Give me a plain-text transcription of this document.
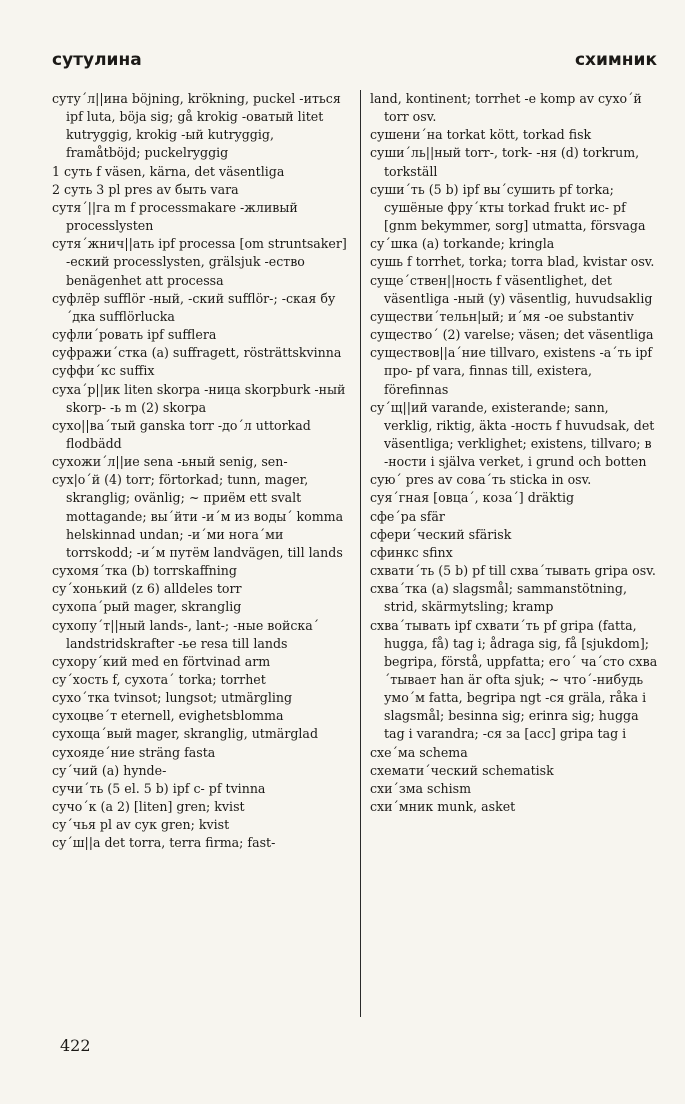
сутулина	схимник

суту´л||ина böjning, krökning, puckel -иться ipf luta, böja sig; gå krokig -оватый litet kutryggig, krokig -ый kutryggig, framåtböjd; puckelryggig

1 суть f väsen, kärna, det väsentliga

2 суть 3 pl pres av быть vara

сутя´||га m f processmakare -жливый processlysten

сутя´жнич||ать ipf processa [om struntsaker] -еский processlysten, grälsjuk -ество benägenhet att processa

суфлёр sufflör -ный, -ский sufflör-; -ская бу´дка sufflörlucka

суфли´ровать ipf sufflera

суфражи´стка (a) suffragett, rösträttskvinna

суффи´кс suffix

суха´р||ик liten skorpa -ница skorpburk -ный skorp- -ь m (2) skorpa

сухо||ва´тый ganska torr -до´л uttorkad flodbädd

сухожи´л||ие sena -ьный senig, sen-

сух|о´й (4) torr; förtorkad; tunn, mager, skranglig; ovänlig; ~ приём ett svalt mottagande; вы´йти -и´м из воды´ komma helskinnad undan; -и´ми нога´ми torrskodd; -и´м путём landvägen, till lands

сухомя´тка (b) torrskaffning

су´хонький (z 6) alldeles torr

сухопа´рый mager, skranglig

сухопу´т||ный lands-, lant-; -ные войска´ landstridskrafter -ье resa till lands

сухору´кий med en förtvinad arm

су´хость f, сухота´ torka; torrhet

сухо´тка tvinsot; lungsot; utmärgling

сухоцве´т eternell, evighetsblomma

сухоща´вый mager, skranglig, utmärglad

сухояде´ние sträng fasta

су´чий (a) hynde-

сучи´ть (5 el. 5 b) ipf с- pf tvinna

сучо´к (a 2) [liten] gren; kvist

су´чья pl av сук gren; kvist

су´ш||а det torra, terra firma; fast-

land, kontinent; torrhet -е komp av сухо´й torr osv.

сушени´на torkat kött, torkad fisk

суши´ль||ный torr-, tork- -ня (d) torkrum, torkställ

суши´ть (5 b) ipf вы´сушить pf torka; сушёные фру´кты torkad frukt ис- pf [gnm bekymmer, sorg] utmatta, försvaga

су´шка (a) torkande; kringla

сушь f torrhet, torka; torra blad, kvistar osv.

суще´ствен||ность f väsentlighet, det väsentliga -ный (y) väsentlig, huvudsaklig

существи´тельн|ый; и´мя -ое substantiv

существо´ (2) varelse; väsen; det väsentliga

существов||а´ние tillvaro, existens -а´ть ipf про- pf vara, finnas till, existera, förefinnas

су´щ||ий varande, existerande; sann, verklig, riktig, äkta -ность f huvudsak, det väsentliga; verklighet; existens, tillvaro; в -ности i själva verket, i grund och botten

сую´ pres av сова´ть sticka in osv.

суя´гная [овца´, коза´] dräktig

сфе´ра sfär

сфери´ческий sfärisk

сфинкс sfinx

схвати´ть (5 b) pf till схва´тывать gripa osv.

схва´тка (a) slagsmål; sammanstötning, strid, skärmytsling; kramp

схва´тывать ipf схвати´ть pf gripa (fatta, hugga, få) tag i; ådraga sig, få [sjukdom]; begripa, förstå, uppfatta; его´ ча´сто схва´тывает han är ofta sjuk; ~ что´-нибудь умо´м fatta, begripa ngt -ся gräla, råka i slagsmål; besinna sig; erinra sig; hugga tag i varandra; -ся за [acc] gripa tag i

схе´ма schema

схемати´ческий schematisk

схи´зма schism

схи´мник munk, asket

422
